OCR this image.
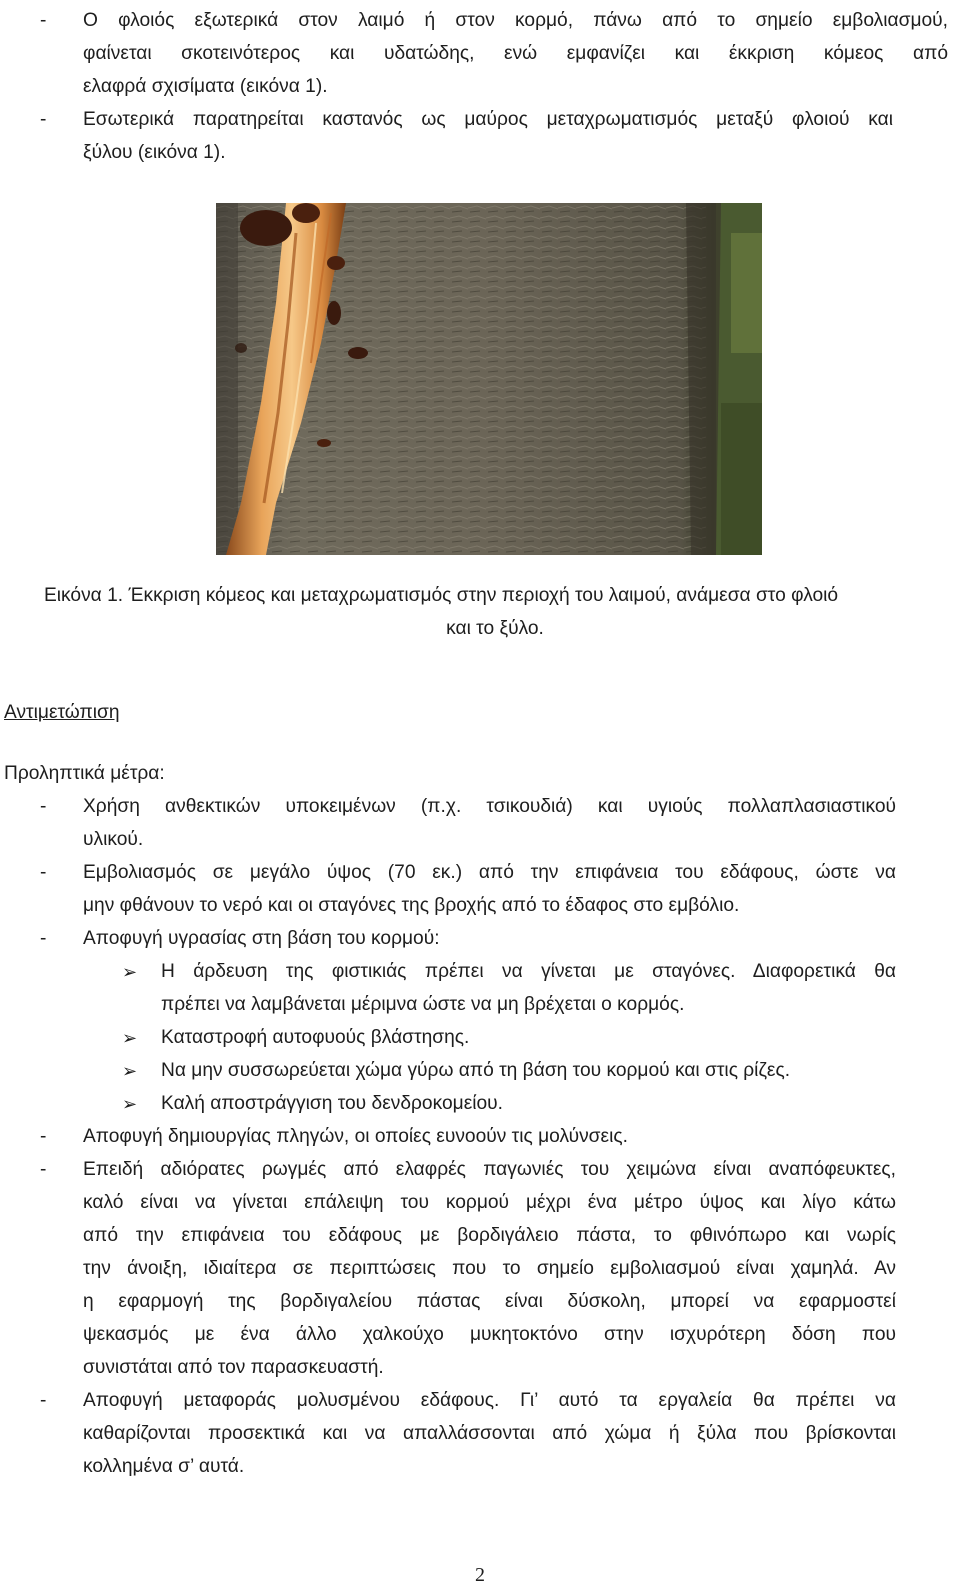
- Ο φλοιός εξωτερικά στον λαιμό ή στον κορμό, πάνω από το σημείο εμβολιασμού,
φαίνεται σκοτεινότερος και υδατώδης, ενώ εμφανίζει και έκκριση κόμεος από
ελαφρά σχισίματα (εικόνα 1).
- Εσωτερικά παρατηρείται καστανός ως μαύρος μεταχρωματισμός μεταξύ φλοιού και
ξύλου (εικόνα 1).
Εικόνα 1. Έκκριση κόμεος και μεταχρωματισμός στην περιοχή του λαιμού, ανάμεσα στο φλοιό
και το ξύλο.
Αντιμετώπιση
Προληπτικά μέτρα:
- Χρήση ανθεκτικών υποκειμένων (π.χ. τσικουδιά) και υγιούς πολλαπλασιαστικού
υλικού.
- Εμβολιασμός σε μεγάλο ύψος (70 εκ.) από την επιφάνεια του εδάφους, ώστε να
μην φθάνουν το νερό και οι σταγόνες της βροχής από το έδαφος στο εμβόλιο.
- Αποφυγή υγρασίας στη βάση του κορμού:
➢ Η άρδευση της φιστικιάς πρέπει να γίνεται με σταγόνες. Διαφορετικά θα
πρέπει να λαμβάνεται μέριμνα ώστε να μη βρέχεται ο κορμός.
➢ Καταστροφή αυτοφυούς βλάστησης.
➢ Να μην συσσωρεύεται χώμα γύρω από τη βάση του κορμού και στις ρίζες.
➢ Καλή αποστράγγιση του δενδροκομείου.
- Αποφυγή δημιουργίας πληγών, οι οποίες ευνοούν τις μολύνσεις.
- Επειδή αδιόρατες ρωγμές από ελαφρές παγωνιές του χειμώνα είναι αναπόφευκτες,
καλό είναι να γίνεται επάλειψη του κορμού μέχρι ένα μέτρο ύψος και λίγο κάτω
από την επιφάνεια του εδάφους με βορδιγάλειο πάστα, το φθινόπωρο και νωρίς
την άνοιξη, ιδιαίτερα σε περιπτώσεις που το σημείο εμβολιασμού είναι χαμηλά. Αν
η εφαρμογή της βορδιγαλείου πάστας είναι δύσκολη, μπορεί να εφαρμοστεί
ψεκασμός με ένα άλλο χαλκούχο μυκητοκτόνο στην ισχυρότερη δόση που
συνιστάται από τον παρασκευαστή.
- Αποφυγή μεταφοράς μολυσμένου εδάφους. Γι’ αυτό τα εργαλεία θα πρέπει να
καθαρίζονται προσεκτικά και να απαλλάσσονται από χώμα ή ξύλα που βρίσκονται
κολλημένα σ’ αυτά.
2
